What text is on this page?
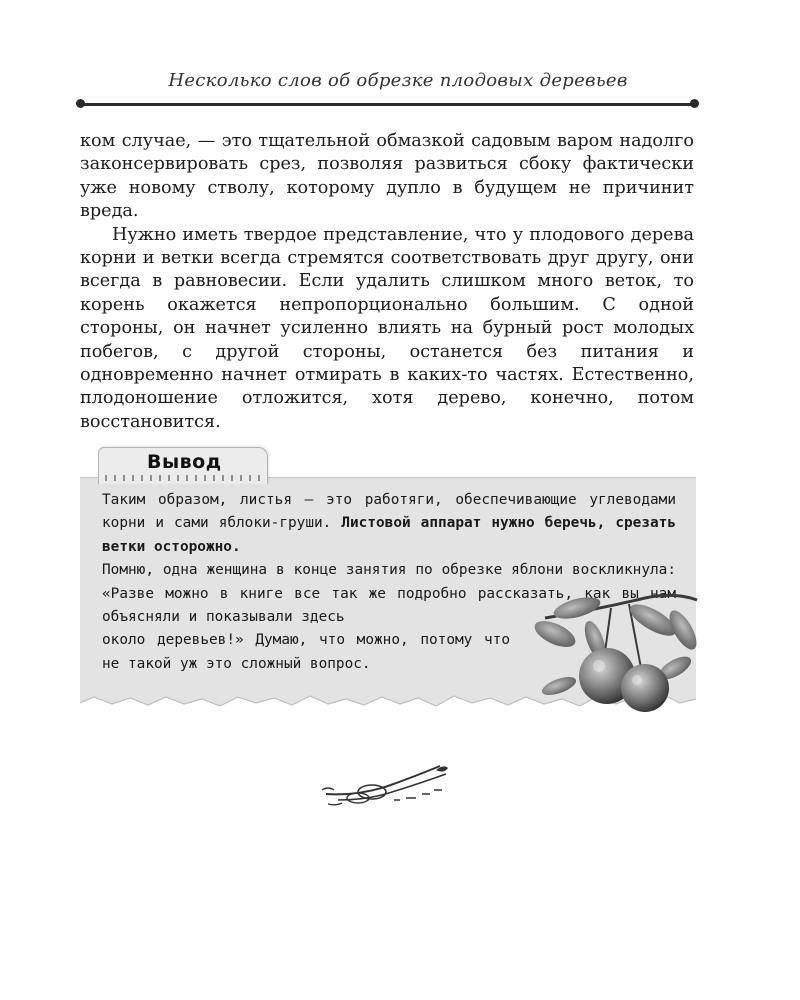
Несколько слов об обрезке плодовых деревьев

ком случае, — это тщательной обмазкой садовым варом надолго законсервировать срез, позволяя развиться сбоку фактически уже новому стволу, которому дупло в будущем не причинит вреда.

Нужно иметь твердое представление, что у плодового дерева корни и ветки всегда стремятся соответствовать друг другу, они всегда в равновесии. Если удалить слишком много веток, то корень окажется непропорционально большим. С одной стороны, он начнет усиленно влиять на бурный рост молодых побегов, с другой стороны, останется без питания и одновременно начнет отмирать в каких-то частях. Естественно, плодоношение отложится, хотя дерево, конечно, потом восстановится.

Вывод

Таким образом, листья — это работяги, обеспечивающие углеводами корни и сами яблоки-груши. Листовой аппарат нужно беречь, срезать ветки осторожно.

Помню, одна женщина в конце занятия по обрезке яблони воскликнула: «Разве можно в книге все так же подробно рассказать, как вы нам объясняли и показывали здесь
около деревьев!» Думаю, что можно, потому что не такой уж это сложный вопрос.
